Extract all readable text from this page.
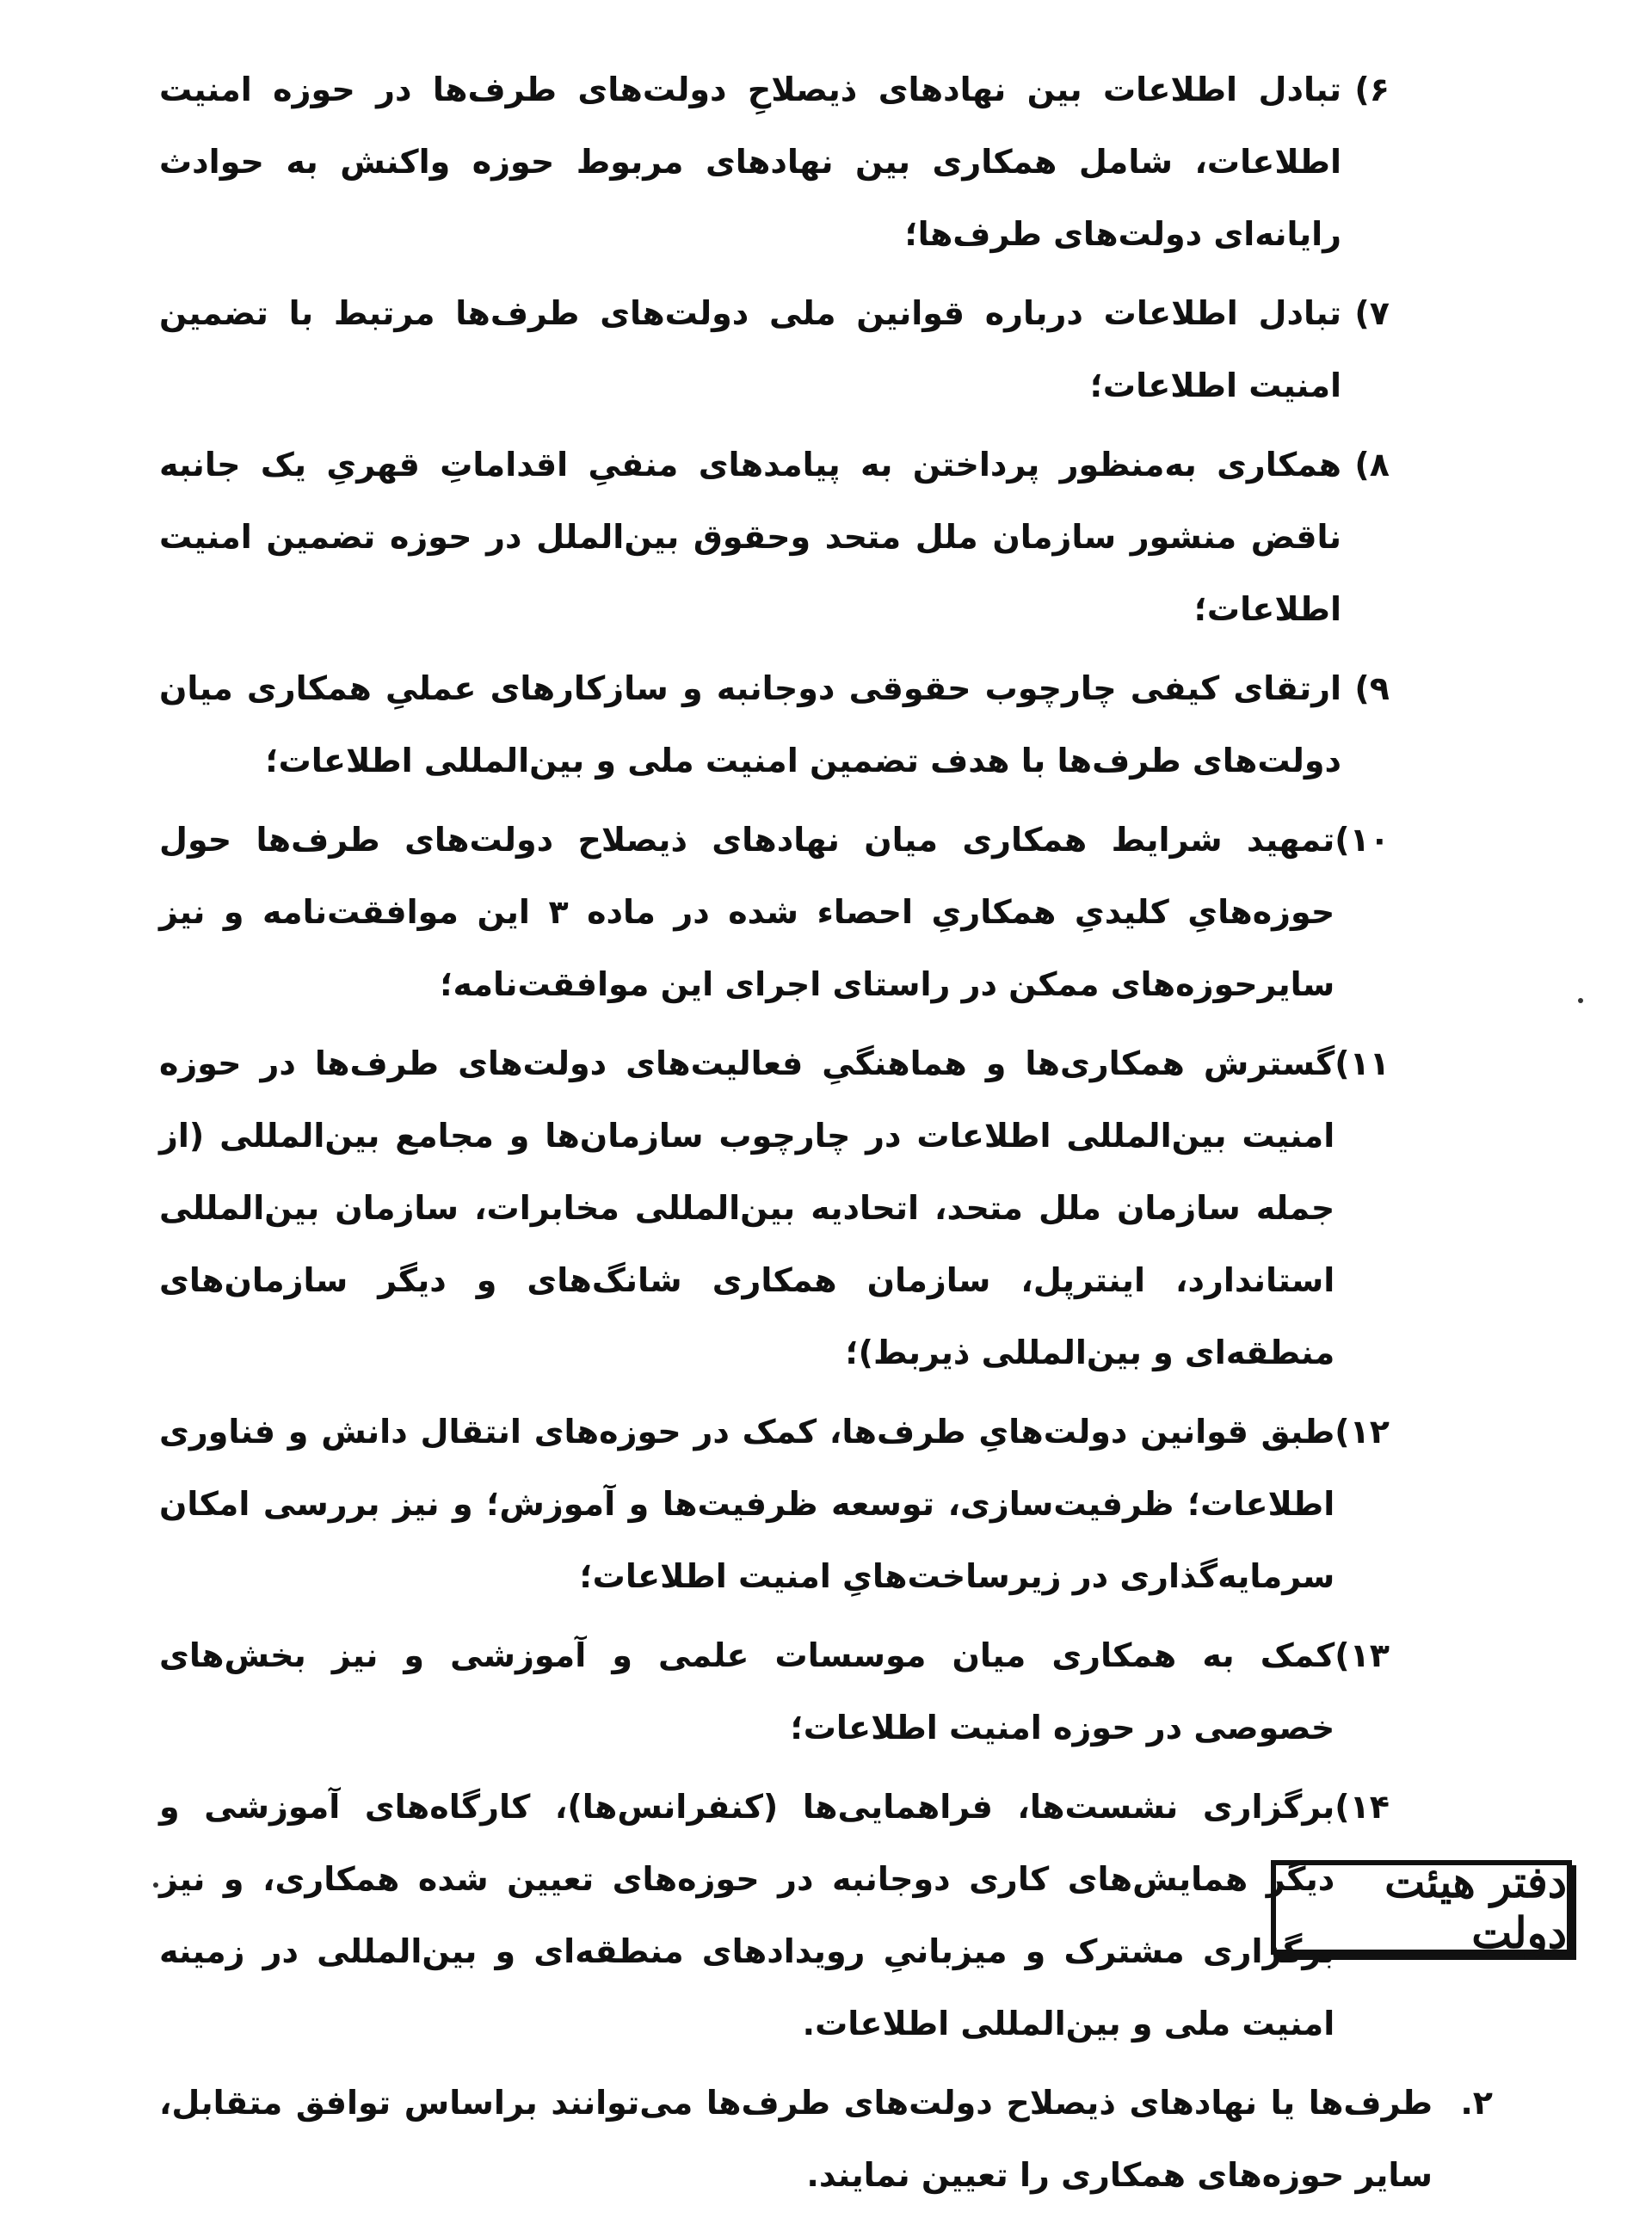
۶)
تبادل اطلاعات بین نهادهای ذیصلاحِ دولت‌های طرف‌ها در حوزه امنیت اطلاعات، شامل همکاری بین نهادهای مربوط حوزه واکنش به حوادث رایانه‌ای دولت‌های طرف‌ها؛
۷)
تبادل اطلاعات درباره قوانین ملی دولت‌های طرف‌ها مرتبط با تضمین امنیت اطلاعات؛
۸)
همکاری به‌منظور پرداختن به پیامدهای منفیِ اقداماتِ قهریِ یک جانبه ناقض منشور سازمان ملل متحد وحقوق بین‌الملل در حوزه تضمین امنیت اطلاعات؛
۹)
ارتقای کیفی چارچوب حقوقی دوجانبه و سازکارهای عملیِ همکاری میان دولت‌های طرف‌ها با هدف تضمین امنیت ملی و بین‌المللی اطلاعات؛
۱۰)
تمهید شرایط همکاری میان نهادهای ذیصلاح دولت‌های طرف‌ها حول حوزه‌هایِ کلیدیِ همکاریِ احصاء شده در ماده ۳ این موافقت‌نامه و نیز سایرحوزه‌های ممکن در راستای اجرای این موافقت‌نامه؛
۱۱)
گسترش همکاری‌ها و هماهنگیِ فعالیت‌های دولت‌های طرف‌ها در حوزه امنیت بین‌المللی اطلاعات در چارچوب سازمان‌ها و مجامع بین‌المللی (از جمله سازمان ملل متحد، اتحادیه بین‌المللی مخابرات، سازمان بین‌المللی استاندارد، اینترپل، سازمان همکاری شانگ‌های و دیگر سازمان‌های منطقه‌ای و بین‌المللی ذیربط)؛
۱۲)
طبق قوانین دولت‌هایِ طرف‌ها، کمک در حوزه‌های انتقال دانش و فناوری اطلاعات؛ ظرفیت‌سازی، توسعه ظرفیت‌ها و آموزش؛ و نیز بررسی امکان سرمایه‌گذاری در زیرساخت‌هایِ امنیت اطلاعات؛
۱۳)
کمک به همکاری میان موسسات علمی و آموزشی و نیز بخش‌های خصوصی در حوزه امنیت اطلاعات؛
۱۴)
برگزاری نشست‌ها، فراهمایی‌ها (کنفرانس‌ها)، کارگاه‌های آموزشی و دیگر همایش‌های کاری دوجانبه در حوزه‌های تعیین شده همکاری، و نیز برگزاری مشترک و میزبانیِ رویدادهای منطقه‌ای و بین‌المللی در زمینه امنیت ملی و بین‌المللی اطلاعات.
۲.
طرف‌ها یا نهادهای ذیصلاح دولت‌های طرف‌ها می‌توانند براساس توافق متقابل، سایر حوزه‌های همکاری را تعیین نمایند.
دفتر هیئت دولت
